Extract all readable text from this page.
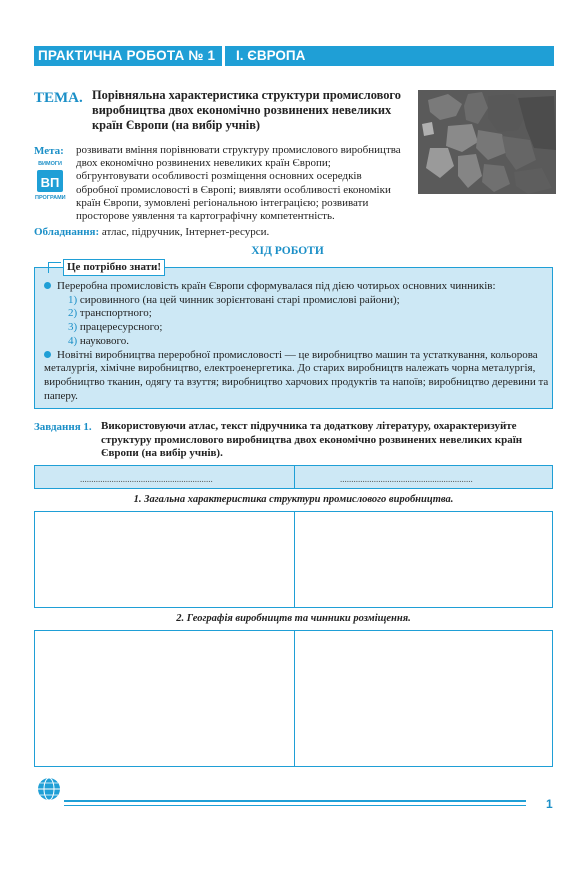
ПРАКТИЧНА РОБОТА № 1 І. ЄВРОПА
ТЕМА. Порівняльна характеристика структури промислового виробництва двох економічно розвинених невеликих країн Європи (на вибір учнів)
Мета:
ВП
ВИМОГИ
ПРОГРАМИ
розвивати вміння порівнювати структуру промислового виробництва двох економічно розвинених невеликих країн Європи; обгрунтовувати особливості розміщення основних осередків обробної промисловості в Європі; виявляти особливості економіки країн Європи, зумовлені регіональною інтеграцією; розвивати просторове уявлення та картографічну компетентність.
Обладнання: атлас, підручник, Інтернет-ресурси.
ХІД РОБОТИ
Це потрібно знати!
Переробна промисловість країн Європи сформувалася під дією чотирьох основних чинників:
1) сировинного (на цей чинник зорієнтовані старі промислові райони);
2) транспортного;
3) працересурсного;
4) наукового.
Новітні виробництва переробної промисловості — це виробництво машин та устаткування, кольорова металургія, хімічне виробництво, електроенергетика. До старих виробництв належать чорна металургія, виробництво тканин, одягу та взуття; виробництво харчових продуктів та напоїв; виробництво деревини та паперу.
Завдання 1. Використовуючи атлас, текст підручника та додаткову літературу, охарактеризуйте структуру промислового виробництва двох економічно розвинених невеликих країн Європи (на вибір учнів).
...........................................................	...........................................................
1. Загальна характеристика структури промислового виробництва.
2. Географія виробництв та чинники розміщення.
1
